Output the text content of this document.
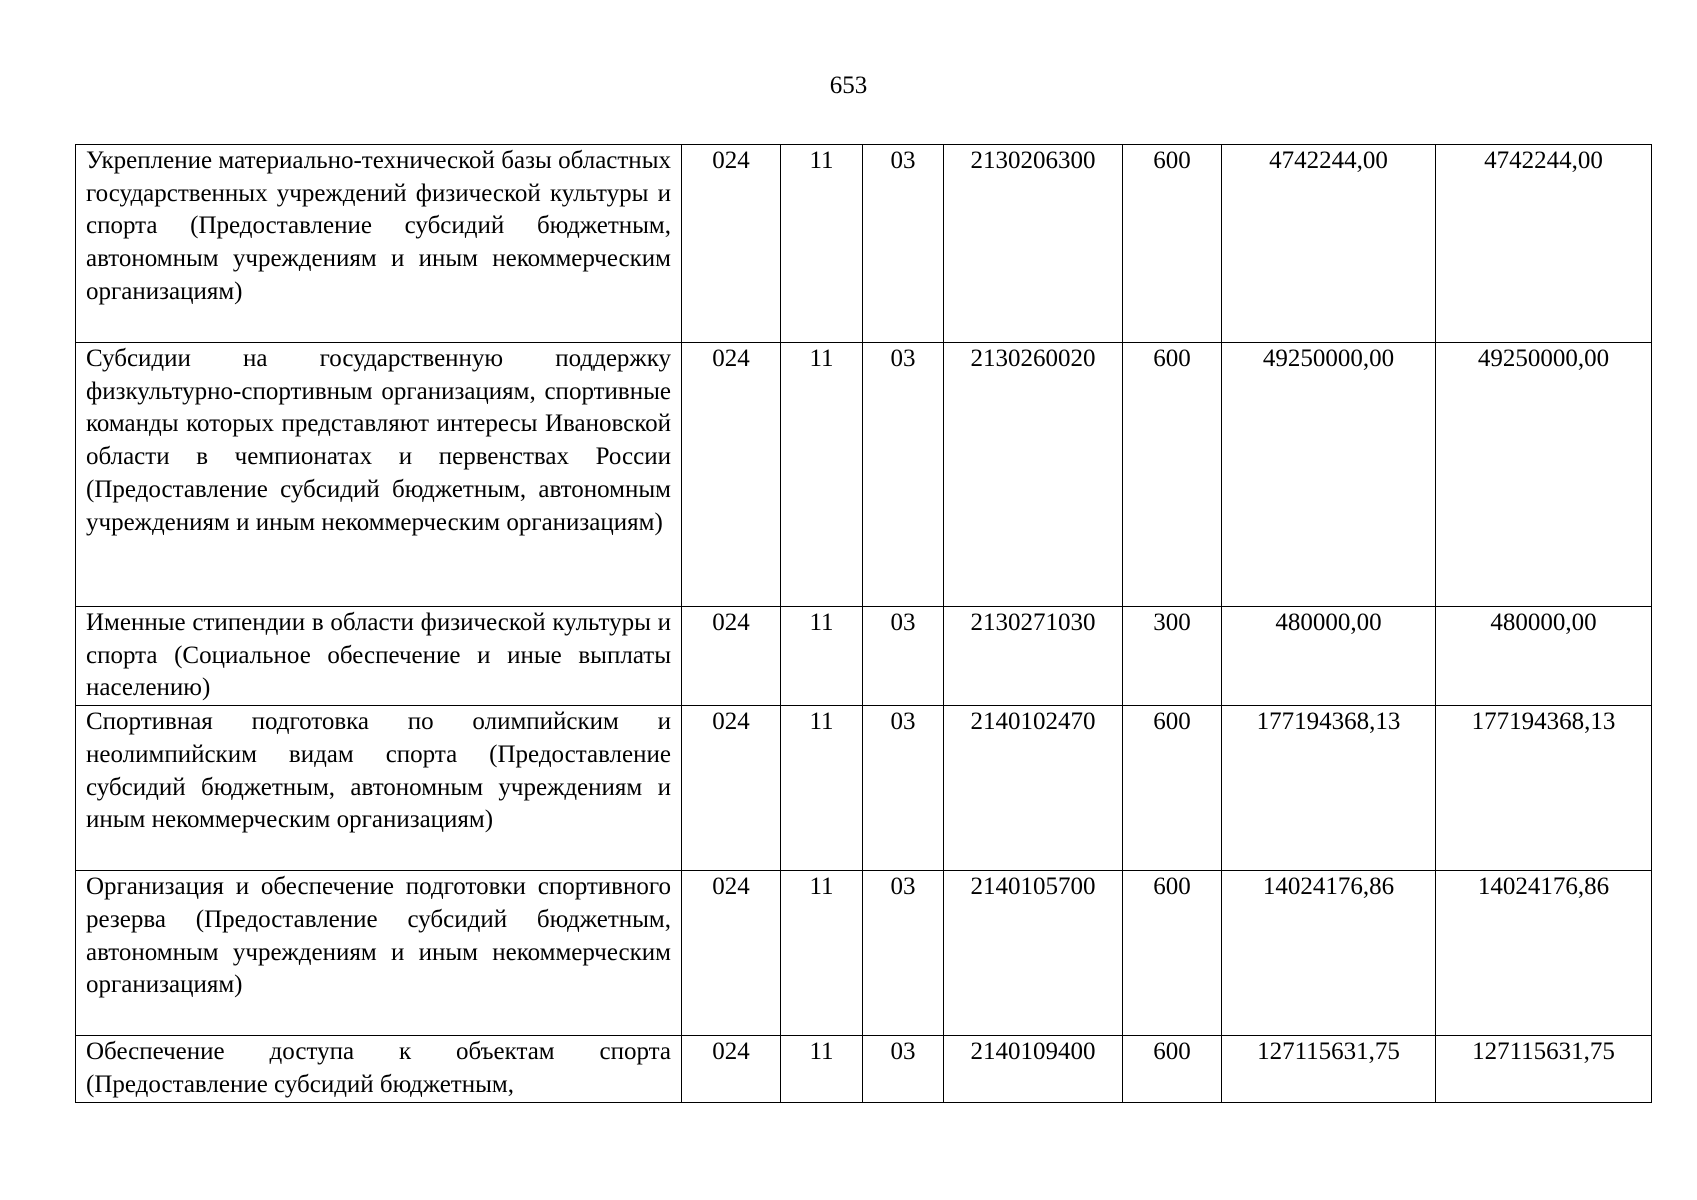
653
Укрепление материально-технической базы областных государственных учреждений физической культуры и спорта (Предоставление субсидий бюджетным, автономным учреждениям и иным некоммерческим организациям)	024	11	03	2130206300	600	4742244,00	4742244,00
Субсидии на государственную поддержку физкультурно-спортивным организациям, спортивные команды которых представляют интересы Ивановской области в чемпионатах и первенствах России (Предоставление субсидий бюджетным, автономным учреждениям и иным некоммерческим организациям)	024	11	03	2130260020	600	49250000,00	49250000,00
Именные стипендии в области физической культуры и спорта (Социальное обеспечение и иные выплаты населению)	024	11	03	2130271030	300	480000,00	480000,00
Спортивная подготовка по олимпийским и неолимпийским видам спорта (Предоставление субсидий бюджетным, автономным учреждениям и иным некоммерческим организациям)	024	11	03	2140102470	600	177194368,13	177194368,13
Организация и обеспечение подготовки спортивного резерва (Предоставление субсидий бюджетным, автономным учреждениям и иным некоммерческим организациям)	024	11	03	2140105700	600	14024176,86	14024176,86
Обеспечение доступа к объектам спорта (Предоставление субсидий бюджетным,	024	11	03	2140109400	600	127115631,75	127115631,75
